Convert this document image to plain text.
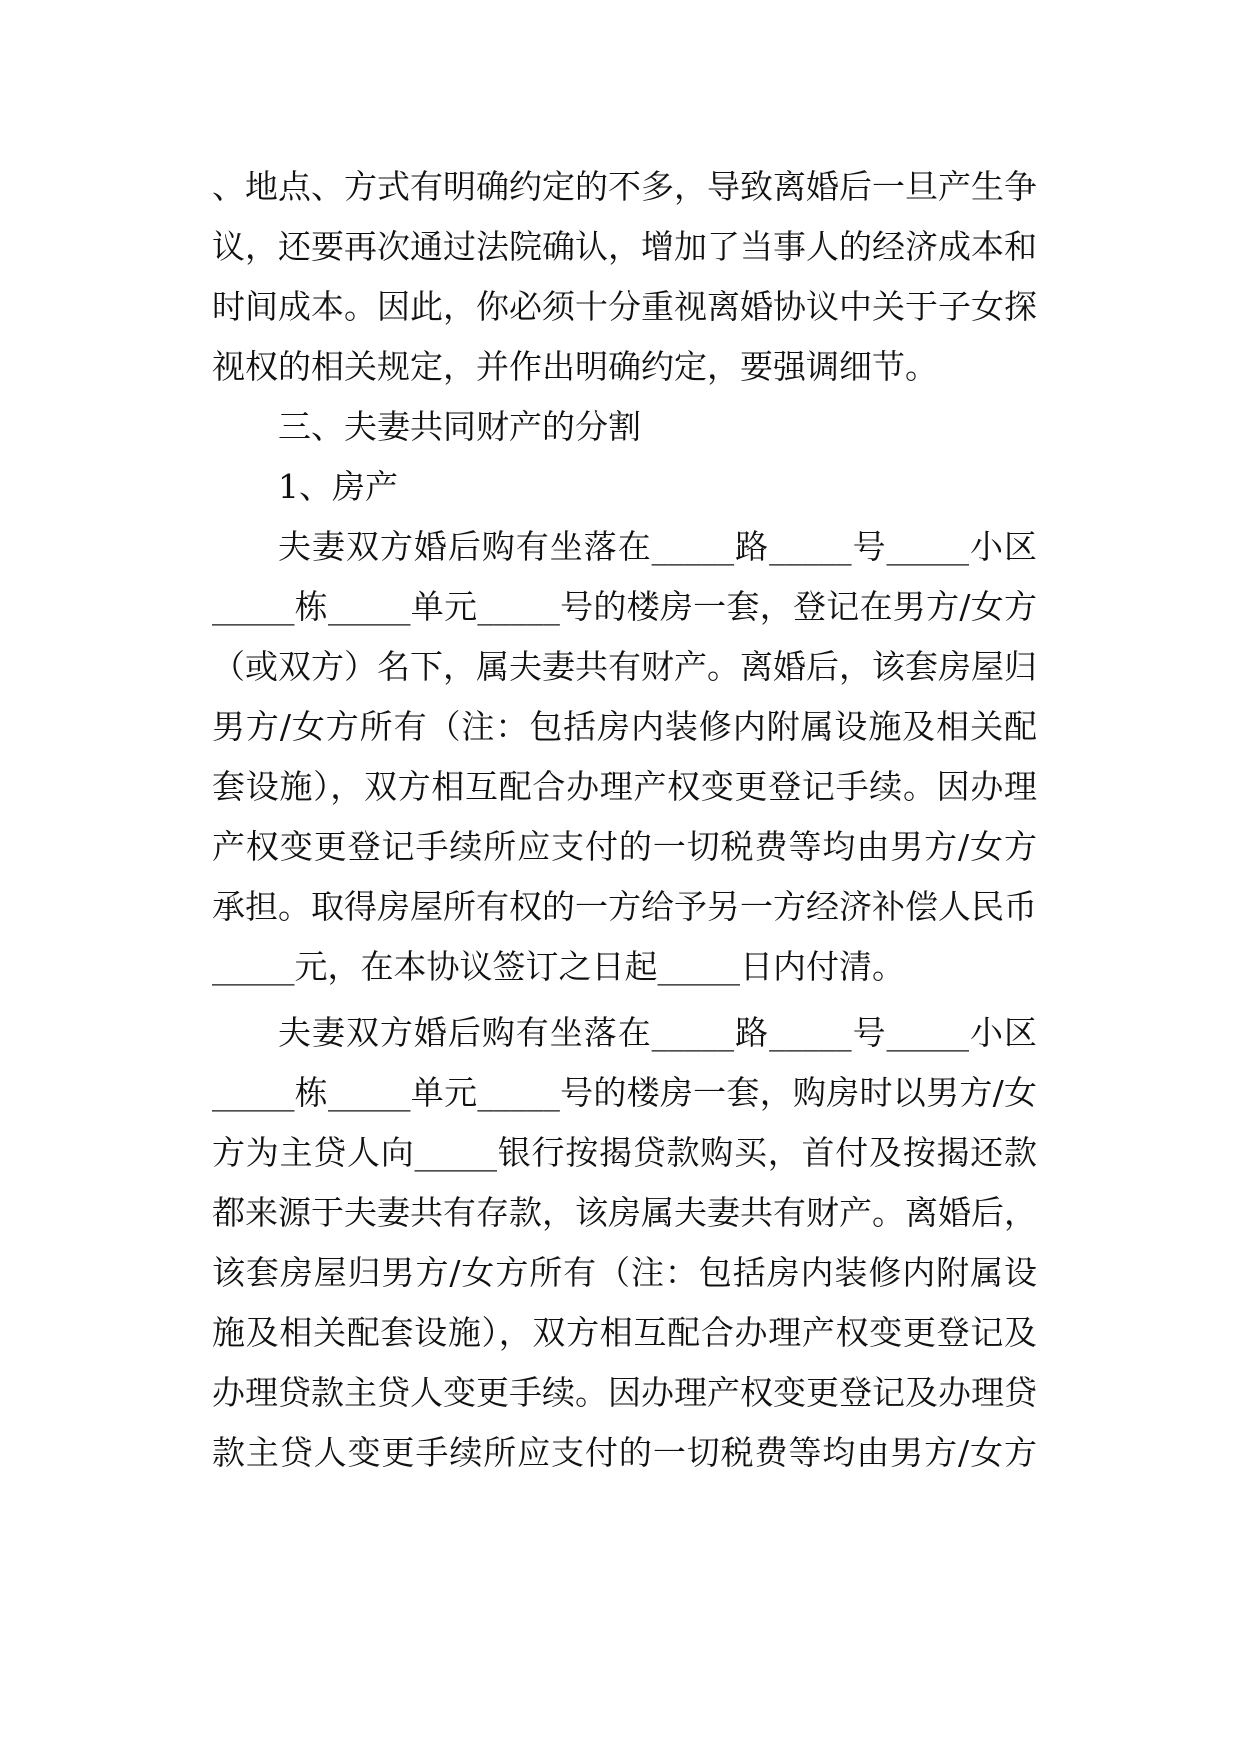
、地点、方式有明确约定的不多，导致离婚后一旦产生争
议，还要再次通过法院确认，增加了当事人的经济成本和
时间成本。因此，你必须十分重视离婚协议中关于子女探
视权的相关规定，并作出明确约定，要强调细节。
三、夫妻共同财产的分割
1、房产
夫妻双方婚后购有坐落在_____路_____号_____小区
_____栋_____单元_____号的楼房一套，登记在男方/女方
（或双方）名下，属夫妻共有财产。离婚后，该套房屋归
男方/女方所有（注：包括房内装修内附属设施及相关配
套设施），双方相互配合办理产权变更登记手续。因办理
产权变更登记手续所应支付的一切税费等均由男方/女方
承担。取得房屋所有权的一方给予另一方经济补偿人民币
_____元，在本协议签订之日起_____日内付清。
夫妻双方婚后购有坐落在_____路_____号_____小区
_____栋_____单元_____号的楼房一套，购房时以男方/女
方为主贷人向_____银行按揭贷款购买，首付及按揭还款
都来源于夫妻共有存款，该房属夫妻共有财产。离婚后，
该套房屋归男方/女方所有（注：包括房内装修内附属设
施及相关配套设施），双方相互配合办理产权变更登记及
办理贷款主贷人变更手续。因办理产权变更登记及办理贷
款主贷人变更手续所应支付的一切税费等均由男方/女方
